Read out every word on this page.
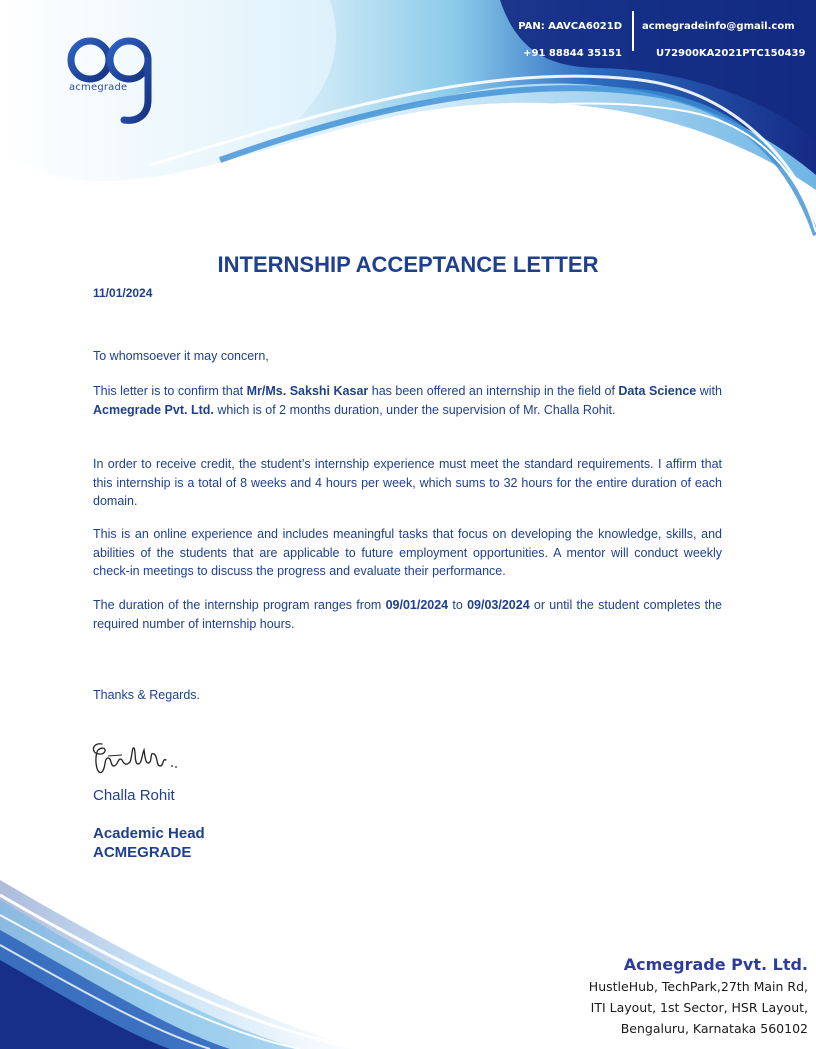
acmegrade
PAN: AAVCA6021D
+91 88844 35151
acmegradeinfo@gmail.com
U72900KA2021PTC150439
INTERNSHIP ACCEPTANCE LETTER
11/01/2024
To whomsoever it may concern,
This letter is to confirm that Mr/Ms. Sakshi Kasar has been offered an internship in the field of Data Science with Acmegrade Pvt. Ltd. which is of 2 months duration, under the supervision of Mr. Challa Rohit.
In order to receive credit, the student’s internship experience must meet the standard requirements. I affirm that this internship is a total of 8 weeks and 4 hours per week, which sums to 32 hours for the entire duration of each domain.
This is an online experience and includes meaningful tasks that focus on developing the knowledge, skills, and abilities of the students that are applicable to future employment opportunities. A mentor will conduct weekly check-in meetings to discuss the progress and evaluate their performance.
The duration of the internship program ranges from 09/01/2024 to 09/03/2024 or until the student completes the required number of internship hours.
Thanks & Regards.
Challa Rohit
Academic Head
ACMEGRADE
Acmegrade Pvt. Ltd.
HustleHub, TechPark,27th Main Rd,
ITI Layout, 1st Sector, HSR Layout,
Bengaluru, Karnataka 560102
